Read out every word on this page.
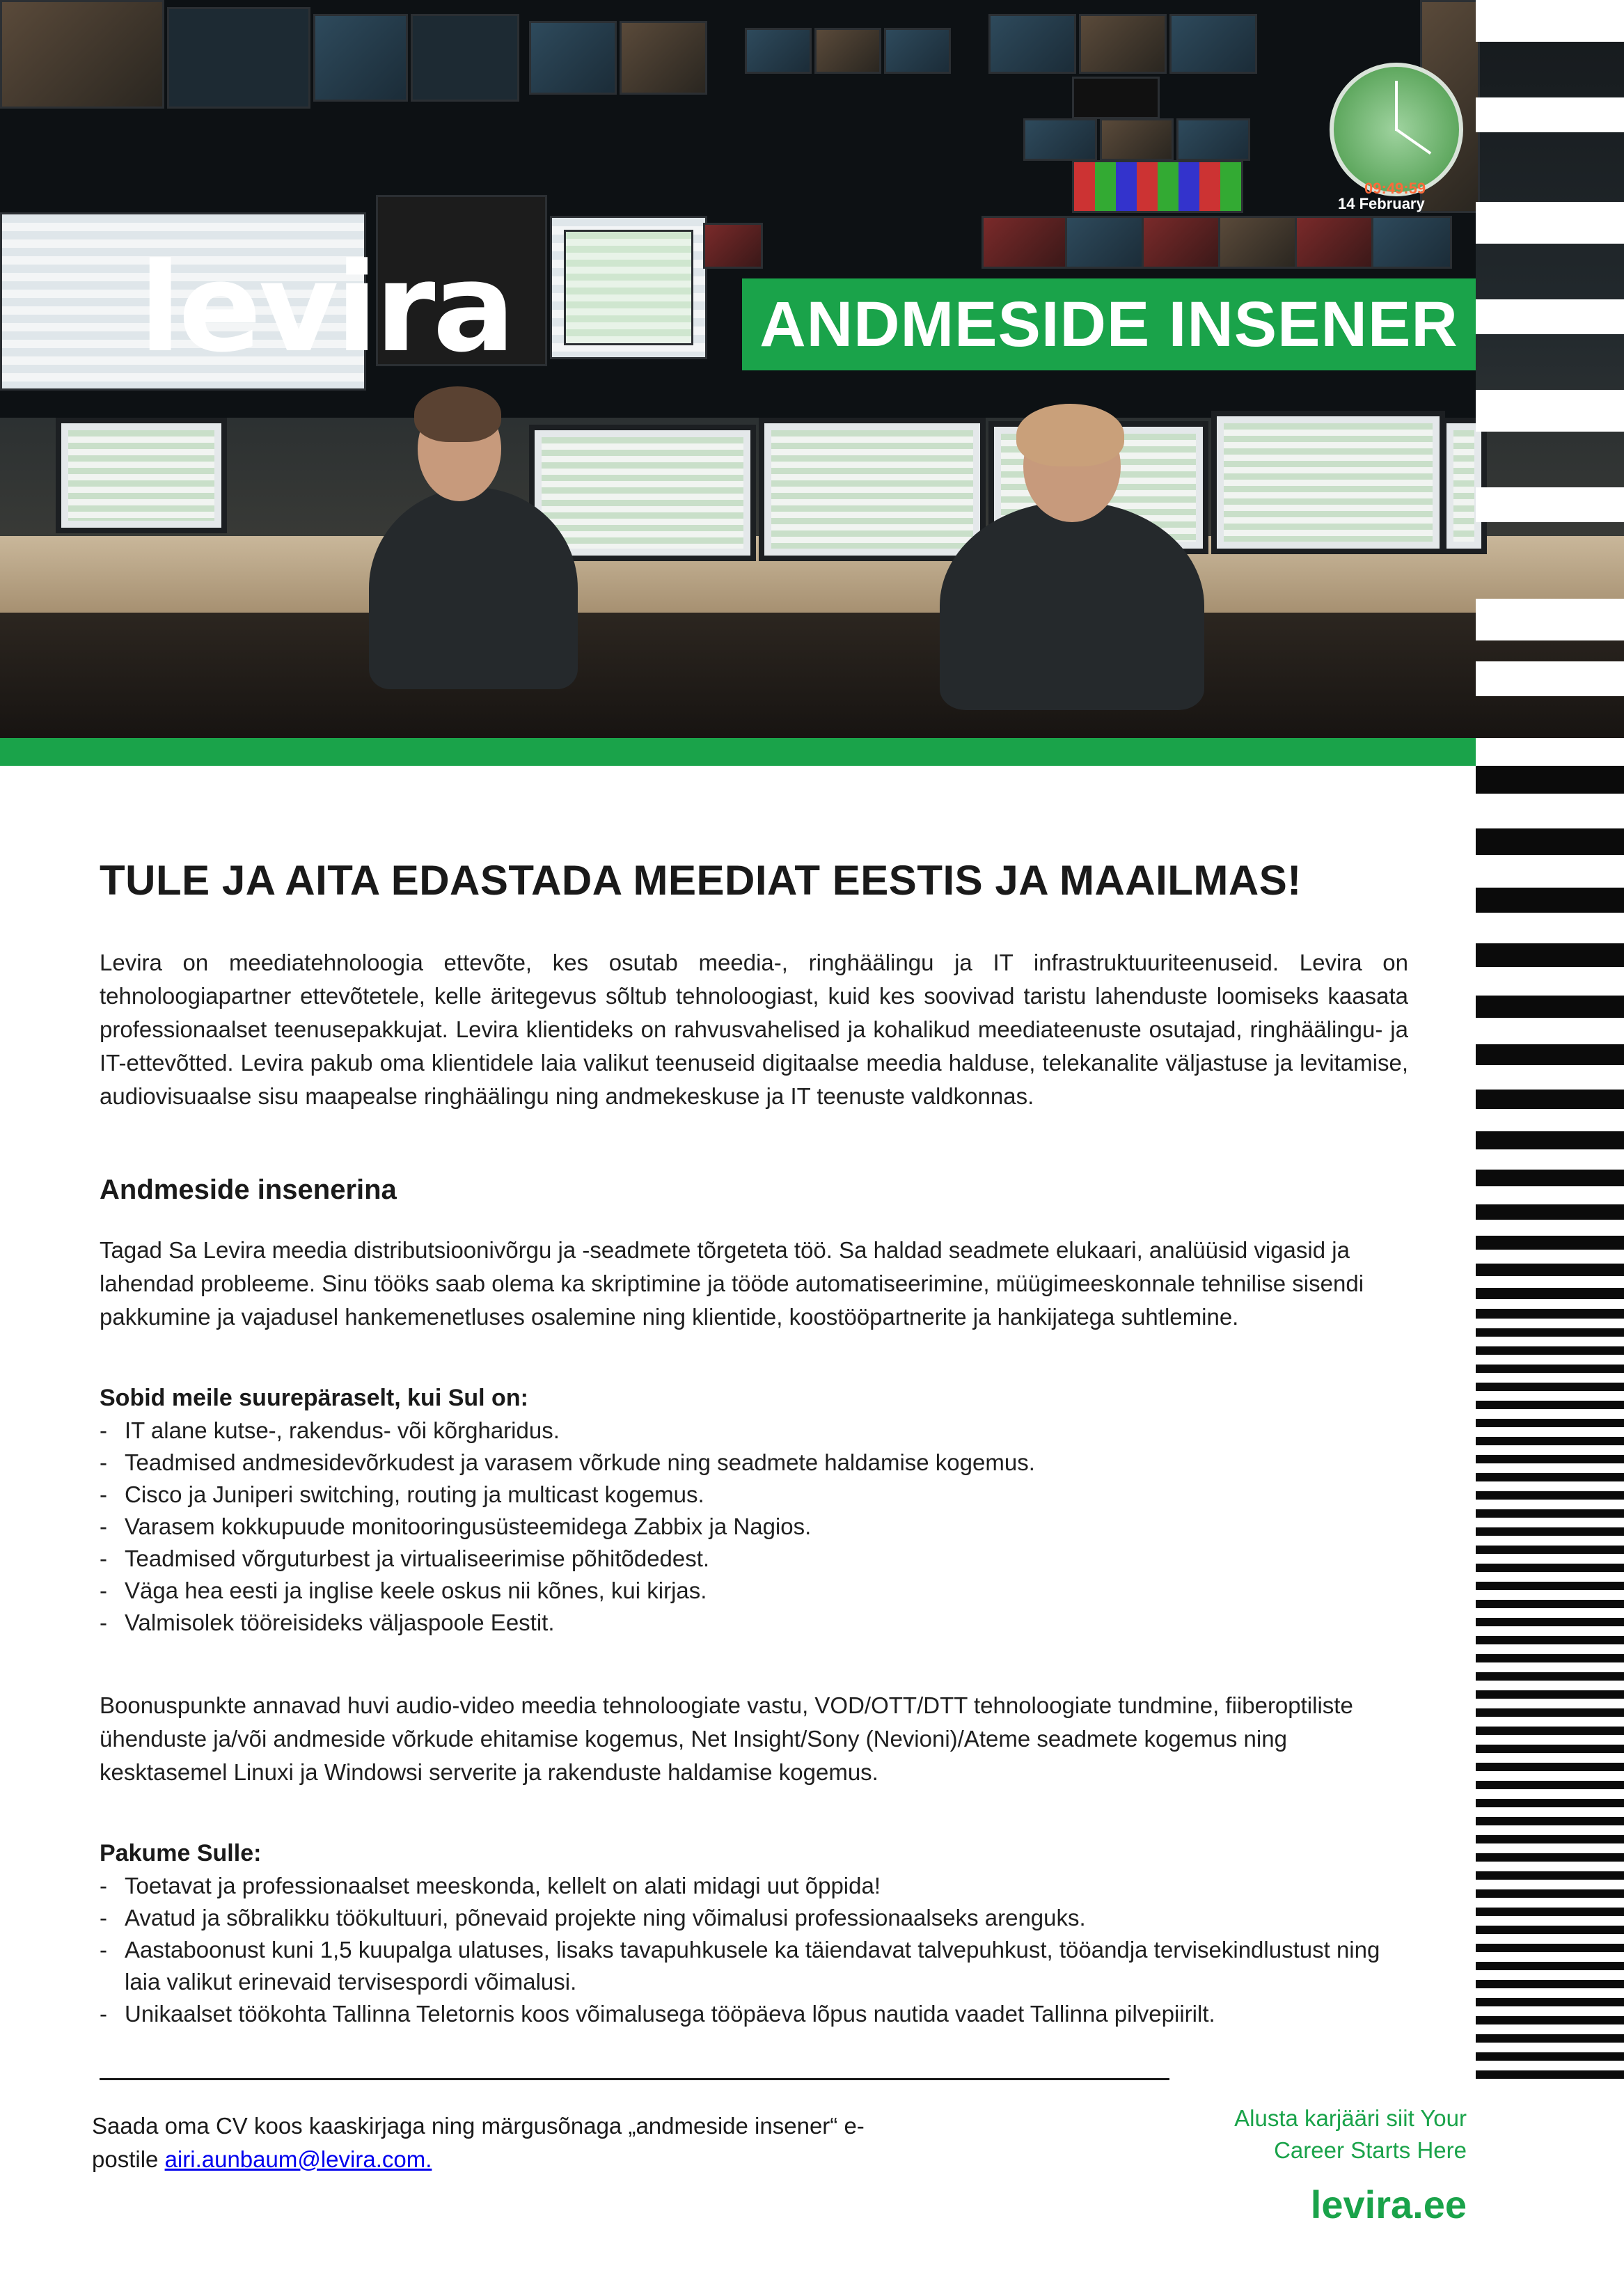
09:49:59
14 February
levira	ANDMESIDE INSENER
TULE JA AITA EDASTADA MEEDIAT EESTIS JA MAAILMAS!

Levira on meediatehnoloogia ettevõte, kes osutab meedia-, ringhäälingu ja IT infrastruktuuriteenuseid. Levira on tehnoloogiapartner ettevõtetele, kelle äritegevus sõltub tehnoloogiast, kuid kes soovivad taristu lahenduste loomiseks kaasata professionaalset teenusepakkujat. Levira klientideks on rahvusvahelised ja kohalikud meediateenuste osutajad, ringhäälingu- ja IT-ettevõtted. Levira pakub oma klientidele laia valikut teenuseid digitaalse meedia halduse, telekanalite väljastuse ja levitamise, audiovisuaalse sisu maapealse ringhäälingu ning andmekeskuse ja IT teenuste valdkonnas.

Andmeside insenerina

Tagad Sa Levira meedia distributsioonivõrgu ja -seadmete tõrgeteta töö. Sa haldad seadmete elukaari, analüüsid vigasid ja lahendad probleeme. Sinu tööks saab olema ka skriptimine ja tööde automatiseerimine, müügimeeskonnale tehnilise sisendi pakkumine ja vajadusel hankemenetluses osalemine ning klientide, koostööpartnerite ja hankijatega suhtlemine.

Sobid meile suurepäraselt, kui Sul on:
- IT alane kutse-, rakendus- või kõrgharidus.
- Teadmised andmesidevõrkudest ja varasem võrkude ning seadmete haldamise kogemus.
- Cisco ja Juniperi switching, routing ja multicast kogemus.
- Varasem kokkupuude monitooringusüsteemidega Zabbix ja Nagios.
- Teadmised võrguturbest ja virtualiseerimise põhitõdedest.
- Väga hea eesti ja inglise keele oskus nii kõnes, kui kirjas.
- Valmisolek tööreisideks väljaspoole Eestit.

Boonuspunkte annavad huvi audio-video meedia tehnoloogiate vastu, VOD/OTT/DTT tehnoloogiate tundmine, fiiberoptiliste ühenduste ja/või andmeside võrkude ehitamise kogemus, Net Insight/Sony (Nevioni)/Ateme seadmete kogemus ning kesktasemel Linuxi ja Windowsi serverite ja rakenduste haldamise kogemus.

Pakume Sulle:
- Toetavat ja professionaalset meeskonda, kellelt on alati midagi uut õppida!
- Avatud ja sõbralikku töökultuuri, põnevaid projekte ning võimalusi professionaalseks arenguks.
- Aastaboonust kuni 1,5 kuupalga ulatuses, lisaks tavapuhkusele ka täiendavat talvepuhkust, tööandja tervisekindlustust ning laia valikut erinevaid tervisespordi võimalusi.
- Unikaalset töökohta Tallinna Teletornis koos võimalusega tööpäeva lõpus nautida vaadet Tallinna pilvepiirilt.
Saada oma CV koos kaaskirjaga ning märgusõnaga „andmeside insener“ e-postile airi.aunbaum@levira.com.
Alusta karjääri siit Your
Career Starts Here
levira.ee
